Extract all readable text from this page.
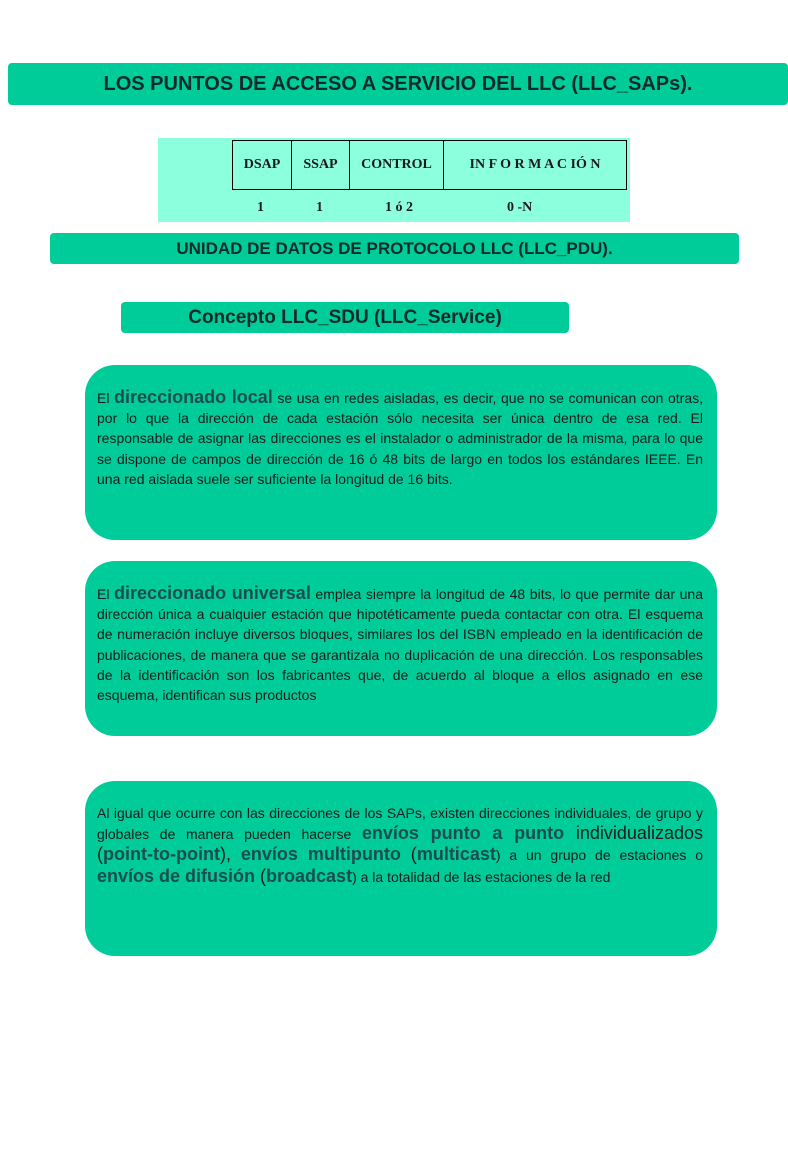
LOS PUNTOS DE ACCESO A SERVICIO DEL LLC (LLC_SAPs).
DSAP	SSAP	CONTROL	IN F O R M A C IÓ N
1	1	1 ó 2	0 -N
UNIDAD DE DATOS DE PROTOCOLO LLC (LLC_PDU).
Concepto LLC_SDU (LLC_Service)
El direccionado local se usa en redes aisladas, es decir, que no se comunican con otras, por lo que la dirección de cada estación sólo necesita ser única dentro de esa red. El responsable de asignar las direcciones es el instalador o administrador de la misma, para lo que se dispone de campos de dirección de 16 ó 48 bits de largo en todos los estándares IEEE. En una red aislada suele ser suficiente la longitud de 16 bits.
El direccionado universal emplea siempre la longitud de 48 bits, lo que permite dar una dirección única a cualquier estación que hipotéticamente pueda contactar con otra. El esquema de numeración incluye diversos bloques, similares los del ISBN empleado en la identificación de publicaciones, de manera que se garantizala no duplicación de una dirección. Los responsables de la identificación son los fabricantes que, de acuerdo al bloque a ellos asignado en ese esquema, identifican sus productos
Al igual que ocurre con las direcciones de los SAPs, existen direcciones individuales, de grupo y globales de manera pueden hacerse envíos punto a punto individualizados (point-to-point), envíos multipunto (multicast) a un grupo de estaciones o envíos de difusión (broadcast) a la totalidad de las estaciones de la red
